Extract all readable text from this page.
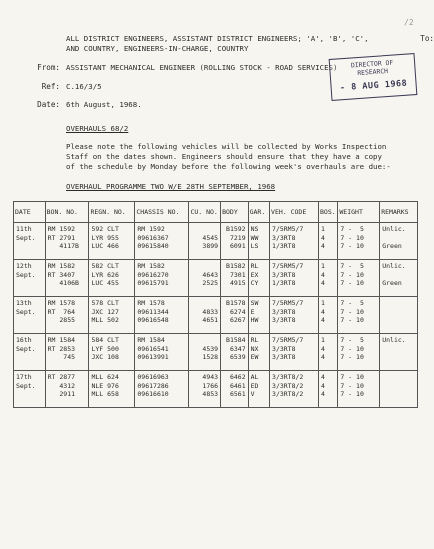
/2
To:
ALL DISTRICT ENGINEERS, ASSISTANT DISTRICT ENGINEERS; 'A', 'B', 'C',
AND COUNTRY, ENGINEERS-IN-CHARGE, COUNTRY
From: ASSISTANT MECHANICAL ENGINEER (ROLLING STOCK - ROAD SERVICES)
Ref: C.16/3/5
Date: 6th August, 1968.
DIRECTOR OF
RESEARCH
- 8 AUG 1968
OVERHAULS 68/2
Please note the following vehicles will be collected by Works Inspection
Staff on the dates shown. Engineers should ensure that they have a copy
of the schedule by Monday before the following week's overhauls are due:-
OVERHAUL PROGRAMME TWO W/E 28TH SEPTEMBER, 1968
DATE	BON. NO.	REGN. NO.	CHASSIS NO.	CU. NO.	BODY	GAR.	VEH. CODE	BOS.	WEIGHT	REMARKS
11th
Sept.	RM 1592
RT 2791
4117B	592 CLT
LYR 955
LUC 466	RM 1592
09616367
09615840	
4545
3899	B1592
7219
6091	NS
WW
LS	7/5RM5/7
3/3RT8
1/3RT8	1
4
4	7 -  5
7 - 10
7 - 10	Unlic.

Green
12th
Sept.	RM 1582
RT 3407
4106B	582 CLT
LYR 626
LUC 455	RM 1582
09616270
09615791	
4643
2525	B1582
7301
4915	RL
EX
CY	7/5RM5/7
3/3RT8
1/3RT8	1
4
4	7 -  5
7 - 10
7 - 10	Unlic.

Green
13th
Sept.	RM 1578
RT  764
2855	578 CLT
JXC 127
MLL 502	RM 1578
09611344
09616548	
4833
4651	B1578
6274
6267	SW
E
HW	7/5RM5/7
3/3RT8
3/3RT8	1
4
4	7 -  5
7 - 10
7 - 10	
16th
Sept.	RM 1584
RT 2853
745	584 CLT
LYF 500
JXC 108	RM 1584
09616541
09613991	
4539
1528	B1584
6347
6539	RL
NX
EW	7/5RM5/7
3/3RT8
3/3RT8	1
4
4	7 -  5
7 - 10
7 - 10	Unlic.
17th
Sept.	RT 2877
4312
2911	MLL 624
NLE 976
MLL 658	09616963
09617286
09616610	4943
1766
4853	6462
6461
6561	AL
ED
V	3/3RT8/2
3/3RT8/2
3/3RT8/2	4
4
4	7 - 10
7 - 10
7 - 10	
